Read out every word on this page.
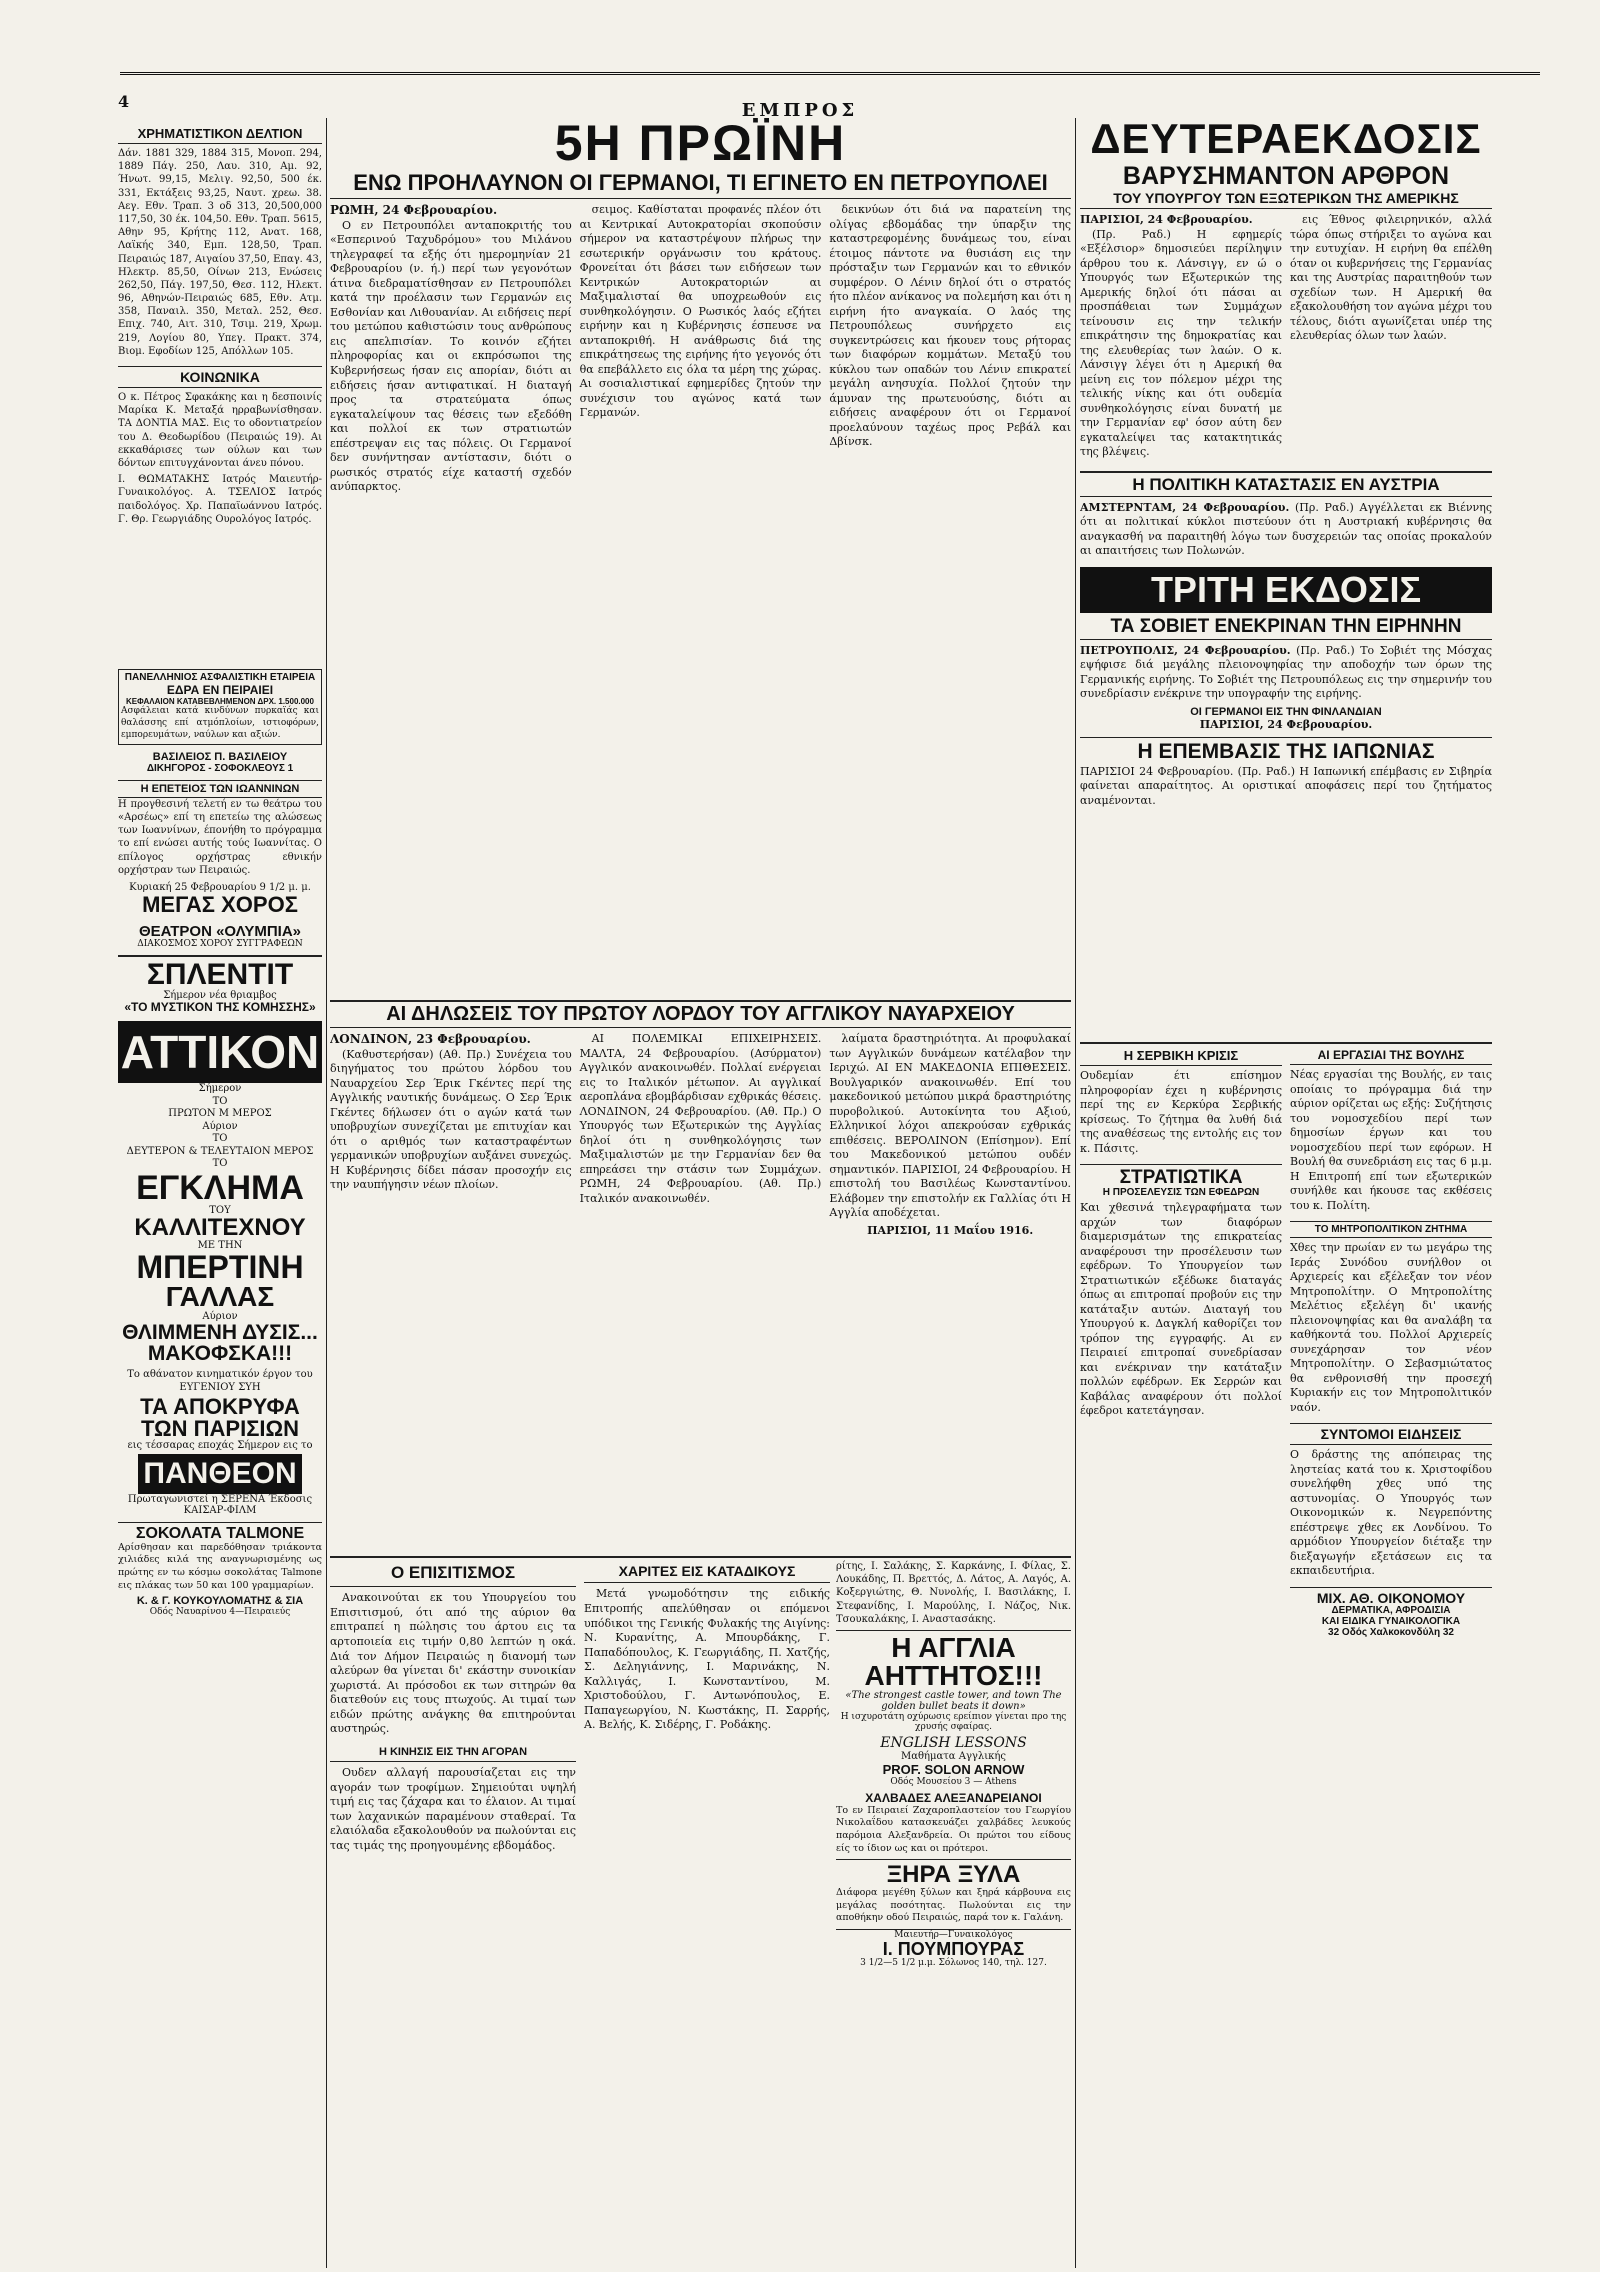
4	ΕΜΠΡΟΣ
ΧΡΗΜΑΤΙΣΤΙΚΟΝ ΔΕΛΤΙΟΝ
Δάν. 1881 329, 1884 315, Μονοπ. 294, 1889 Πάγ. 250, Λαυ. 310, Αμ. 92, Ήνωτ. 99,15, Μελιγ. 92,50, 500 έκ. 331, Εκτάξεις 93,25, Ναυτ. χρεω. 38. Αεγ. Εθν. Τραπ. 3 οδ 313, 20,500,000 117,50, 30 έκ. 104,50. Εθν. Τραπ. 5615, Αθην 95, Κρήτης 112, Ανατ. 168, Λαϊκής 340, Εμπ. 128,50, Τραπ. Πειραιώς 187, Αιγαίου 37,50, Επαγ. 43, Ηλεκτρ. 85,50, Οίνων 213, Ενώσεις 262,50, Πάγ. 197,50, Θεσ. 112, Ηλεκτ. 96, Αθηνών-Πειραιώς 685, Εθν. Ατμ. 358, Παναιλ. 350, Μεταλ. 252, Θεσ. Επιχ. 740, Αιτ. 310, Τσιμ. 219, Χρωμ. 219, Λογίου 80, Υπεγ. Πρακτ. 374, Βιομ. Εφοδίων 125, Απόλλων 105.
ΚΟΙΝΩΝΙΚΑ
Ο κ. Πέτρος Σφακάκης και η δεσποινίς Μαρίκα Κ. Μεταξά ηρραβωνίσθησαν. ΤΑ ΔΟΝΤΙΑ ΜΑΣ. Εις το οδοντιατρείον του Δ. Θεοδωρίδου (Πειραιώς 19). Αι εκκαθάρισες των ούλων και των δόντων επιτυγχάνονται άνευ πόνου.
Ι. ΘΩΜΑΤΑΚΗΣ Ιατρός Μαιευτήρ-Γυναικολόγος. Α. ΤΣΕΛΙΟΣ Ιατρός παιδολόγος. Χρ. Παπαϊωάννου Ιατρός. Γ. Θρ. Γεωργιάδης Ουρολόγος Ιατρός.
ΠΑΝΕΛΛΗΝΙΟΣ ΑΣΦΑΛΙΣΤΙΚΗ ΕΤΑΙΡΕΙΑ
ΕΔΡΑ ΕΝ ΠΕΙΡΑΙΕΙ
ΚΕΦΑΛΑΙΟΝ ΚΑΤΑΒΕΒΛΗΜΕΝΟΝ ΔΡΧ. 1.500.000
Ασφάλειαι κατά κινδύνων πυρκαϊάς και θαλάσσης επί ατμόπλοίων, ιστιοφόρων, εμπορευμάτων, ναύλων και αξιών.
ΒΑΣΙΛΕΙΟΣ Π. ΒΑΣΙΛΕΙΟΥ
ΔΙΚΗΓΟΡΟΣ - ΣΟΦΟΚΛΕΟΥΣ 1
Η ΕΠΕΤΕΙΟΣ ΤΩΝ ΙΩΑΝΝΙΝΩΝ
Η προγθεσινή τελετή εν τω θεάτρω του «Αρσέως» επί τη επετείω της αλώσεως των Ιωαννίνων, έπονήθη το πρόγραμμα το επί ενώσει αυτής τούς Ιωαννίτας. Ο επίλογος ορχήστρας εθνικήν ορχήστραν των Πειραιώς.
Κυριακή 25 Φεβρουαρίου 9 1/2 μ. μ.
ΜΕΓΑΣ ΧΟΡΟΣ
ΘΕΑΤΡΟΝ «ΟΛΥΜΠΙΑ»
ΔΙΑΚΟΣΜΟΣ ΧΟΡΟΥ ΣΥΓΓΡΑΦΕΩΝ
ΣΠΛΕΝΤΙΤ
Σήμερον νέα θριαμβος
«ΤΟ ΜΥΣΤΙΚΟΝ ΤΗΣ ΚΟΜΗΣΣΗΣ»
ΑΤΤΙΚΟΝ
Σήμερον
ΤΟ
ΠΡΩΤΟΝ Μ ΜΕΡΟΣ
Αύριον
ΤΟ
ΔΕΥΤΕΡΟΝ & ΤΕΛΕΥΤΑΙΟΝ ΜΕΡΟΣ
ΤΟ
ΕΓΚΛΗΜΑ
ΤΟΥ
ΚΑΛΛΙΤΕΧΝΟΥ
ΜΕ ΤΗΝ
ΜΠΕΡΤΙΝΗ
ΓΑΛΛΑΣ
Αύριον
ΘΛΙΜΜΕΝΗ ΔΥΣΙΣ...
ΜΑΚΟΦΣΚΑ!!!
Το αθάνατον κινηματικόν έργον του ΕΥΓΕΝΙΟΥ ΣΥΗ
ΤΑ ΑΠΟΚΡΥΦΑ ΤΩΝ ΠΑΡΙΣΙΩΝ
εις τέσσαρας εποχάς Σήμερον εις το
ΠΑΝΘΕΟΝ
Πρωταγωνιστεί η ΣΕΡΕΝΑ Έκδοσις ΚΑΙΣΑΡ-ΦΙΛΜ
ΣΟΚΟΛΑΤΑ TALMONE
Αρίσθησαν και παρεδόθησαν τριάκοντα χιλιάδες κιλά της αναγνωρισμένης ως πρώτης εν τω κόσμω σοκολάτας Talmone εις πλάκας των 50 και 100 γραμμαρίων.
Κ. & Γ. ΚΟΥΚΟΥΛΟΜΑΤΗΣ & ΣΙΑ
Οδός Ναυαρίνου 4—Πειραιεύς
5Η ΠΡΩΪΝΗ
ΕΝΩ ΠΡΟΗΛΑΥΝΟΝ ΟΙ ΓΕΡΜΑΝΟΙ, ΤΙ ΕΓΙΝΕΤΟ ΕΝ ΠΕΤΡΟΥΠΟΛΕΙ
ΡΩΜΗ, 24 Φεβρουαρίου.

Ο εν Πετρουπόλει ανταποκριτής του «Εσπερινού Ταχυδρόμου» του Μιλάνου τηλεγραφεί τα εξής ότι ημερομηνίαν 21 Φεβρουαρίου (ν. ή.) περί των γεγονότων άτινα διεδραματίσθησαν εν Πετρουπόλει κατά την προέλασιν των Γερμανών εις Εσθονίαν και Λιθουανίαν. Αι ειδήσεις περί του μετώπου καθιστώσιν τους ανθρώπους εις απελπισίαν. Το κοινόν εζήτει πληροφορίας και οι εκπρόσωποι της Κυβερνήσεως ήσαν εις απορίαν, διότι αι ειδήσεις ήσαν αντιφατικαί. Η διαταγή προς τα στρατεύματα όπως εγκαταλείψουν τας θέσεις των εξεδόθη και πολλοί εκ των στρατιωτών επέστρεψαν εις τας πόλεις. Οι Γερμανοί δεν συνήντησαν αντίστασιν, διότι ο ρωσικός στρατός είχε καταστή σχεδόν ανύπαρκτος.

σειμος. Καθίσταται προφανές πλέον ότι αι Κεντρικαί Αυτοκρατορίαι σκοπούσιν σήμερον να καταστρέψουν πλήρως την εσωτερικήν οργάνωσιν του κράτους. Φρονείται ότι βάσει των ειδήσεων των Κεντρικών Αυτοκρατοριών αι Μαξιμαλισταί θα υποχρεωθούν εις συνθηκολόγησιν. Ο Ρωσικός λαός εζήτει ειρήνην και η Κυβέρνησις έσπευσε να ανταποκριθή. Η ανάθρωσις διά της επικράτησεως της ειρήνης ήτο γεγονός ότι θα επεβάλλετο εις όλα τα μέρη της χώρας. Αι σοσιαλιστικαί εφημερίδες ζητούν την συνέχισιν του αγώνος κατά των Γερμανών.

δεικνύων ότι διά να παρατείνη της ολίγας εβδομάδας την ύπαρξιν της καταστρεφομένης δυνάμεως του, είναι έτοιμος πάντοτε να θυσιάση εις την πρόσταξιν των Γερμανών και το εθνικόν συμφέρον. Ο Λένιν δηλοί ότι ο στρατός ήτο πλέον ανίκανος να πολεμήση και ότι η ειρήνη ήτο αναγκαία. Ο λαός της Πετρουπόλεως συνήρχετο εις συγκεντρώσεις και ήκουεν τους ρήτορας των διαφόρων κομμάτων. Μεταξύ του κύκλου των οπαδών του Λένιν επικρατεί μεγάλη ανησυχία. Πολλοί ζητούν την άμυναν της πρωτευούσης, διότι αι ειδήσεις αναφέρουν ότι οι Γερμανοί προελαύνουν ταχέως προς Ρεβάλ και Δβίνσκ.

ΑΙ ΔΗΛΩΣΕΙΣ ΤΟΥ ΠΡΩΤΟΥ ΛΟΡΔΟΥ ΤΟΥ ΑΓΓΛΙΚΟΥ ΝΑΥΑΡΧΕΙΟΥ
ΛΟΝΔΙΝΟΝ, 23 Φεβρουαρίου.

(Καθυστερήσαν) (Αθ. Πρ.) Συνέχεια του διηγήματος του πρώτου λόρδου του Ναυαρχείου Σερ Έρικ Γκέντες περί της Αγγλικής ναυτικής δυνάμεως. Ο Σερ Έρικ Γκέντες δήλωσεν ότι ο αγών κατά των υποβρυχίων συνεχίζεται με επιτυχίαν και ότι ο αριθμός των καταστραφέντων γερμανικών υποβρυχίων αυξάνει συνεχώς. Η Κυβέρνησις δίδει πάσαν προσοχήν εις την ναυπήγησιν νέων πλοίων.

ΑΙ ΠΟΛΕΜΙΚΑΙ ΕΠΙΧΕΙΡΗΣΕΙΣ. ΜΑΛΤΑ, 24 Φεβρουαρίου. (Ασύρματον) Αγγλικόν ανακοινωθέν. Πολλαί ενέργειαι εις το Ιταλικόν μέτωπον. Αι αγγλικαί αεροπλάνα εβομβάρδισαν εχθρικάς θέσεις. ΛΟΝΔΙΝΟΝ, 24 Φεβρουαρίου. (Αθ. Πρ.) Ο Υπουργός των Εξωτερικών της Αγγλίας δηλοί ότι η συνθηκολόγησις των Μαξιμαλιστών με την Γερμανίαν δεν θα επηρεάσει την στάσιν των Συμμάχων. ΡΩΜΗ, 24 Φεβρουαρίου. (Αθ. Πρ.) Ιταλικόν ανακοινωθέν.

λαίματα δραστηριότητα. Αι προφυλακαί των Αγγλικών δυνάμεων κατέλαβον την Ιεριχώ. ΑΙ ΕΝ ΜΑΚΕΔΟΝΙΑ ΕΠΙΘΕΣΕΙΣ. Βουλγαρικόν ανακοινωθέν. Επί του μακεδονικού μετώπου μικρά δραστηριότης πυροβολικού. Αυτοκίνητα του Αξιού, Ελληνικοί λόχοι απεκρούσαν εχθρικάς επιθέσεις. ΒΕΡΟΛΙΝΟΝ (Επίσημον). Επί του Μακεδονικού μετώπου ουδέν σημαντικόν. ΠΑΡΙΣΙΟΙ, 24 Φεβρουαρίου. Η επιστολή του Βασιλέως Κωνσταντίνου. Ελάβομεν την επιστολήν εκ Γαλλίας ότι Η Αγγλία αποδέχεται.

ΠΑΡΙΣΙΟΙ, 11 Μαΐου 1916.
Ο ΕΠΙΣΙΤΙΣΜΟΣ

Ανακοινούται εκ του Υπουργείου του Επισιτισμού, ότι από της αύριον θα επιτραπεί η πώλησις του άρτου εις τα αρτοποιεία εις τιμήν 0,80 λεπτών η οκά. Διά τον Δήμον Πειραιώς η διανομή των αλεύρων θα γίνεται δι' εκάστην συνοικίαν χωριστά. Αι πρόσοδοι εκ των σιτηρών θα διατεθούν εις τους πτωχούς. Αι τιμαί των ειδών πρώτης ανάγκης θα επιτηρούνται αυστηρώς.

Η ΚΙΝΗΣΙΣ ΕΙΣ ΤΗΝ ΑΓΟΡΑΝ

Ουδεν αλλαγή παρουσίαζεται εις την αγοράν των τροφίμων. Σημειούται υψηλή τιμή εις τας ζάχαρα και το έλαιον. Αι τιμαί των λαχανικών παραμένουν σταθεραί. Τα ελαιόλαδα εξακολουθούν να πωλούνται εις τας τιμάς της προηγουμένης εβδομάδος.

ΧΑΡΙΤΕΣ ΕΙΣ ΚΑΤΑΔΙΚΟΥΣ

Μετά γνωμοδότησιν της ειδικής Επιτροπής απελύθησαν οι επόμενοι υπόδικοι της Γενικής Φυλακής της Αιγίνης: Ν. Κυρανίτης, Α. Μπουρδάκης, Γ. Παπαδόπουλος, Κ. Γεωργιάδης, Π. Χατζής, Σ. Δεληγιάννης, Ι. Μαρινάκης, Ν. Καλλιγάς, Ι. Κωνσταντίνου, Μ. Χριστοδούλου, Γ. Αντωνόπουλος, Ε. Παπαγεωργίου, Ν. Κωστάκης, Π. Σαρρής, Α. Βελής, Κ. Σιδέρης, Γ. Ροδάκης.

ρίτης, Ι. Σαλάκης, Σ. Καρκάνης, Ι. Φίλας, Σ. Λουκάδης, Π. Βρεττός, Δ. Λάτος, Α. Λαγός, Α. Κοξεργιώτης, Θ. Νυνολής, Ι. Βασιλάκης, Ι. Στεφανίδης, Ι. Μαρούλης, Ι. Νάζος, Νικ. Τσουκαλάκης, Ι. Αναστασάκης.
Η ΑΓΓΛΙΑ ΑΗΤΤΗΤΟΣ!!!
«The strongest castle tower, and town The golden bullet beats it down»
Η ισχυροτάτη οχύρωσις ερείπιον γίνεται προ της χρυσής σφαίρας.
ENGLISH LESSONS
Μαθήματα Αγγλικής
PROF. SOLON ARNOW
Οδός Μουσείου 3 — Athens
ΧΑΛΒΑΔΕΣ ΑΛΕΞΑΝΔΡΕΙΑΝΟΙ
Το εν Πειραιεί Ζαχαροπλαστείον του Γεωργίου Νικολαΐδου κατασκευάζει χαλβάδες λευκούς παρόμοια Αλεξανδρεία. Οι πρώτοι του είδους είς το ίδιον ως και οι πρότεροι.
ΞΗΡΑ ΞΥΛΑ
Διάφορα μεγέθη ξύλων και ξηρά κάρβουνα εις μεγάλας ποσότητας. Πωλούνται εις την αποθήκην οδού Πειραιώς, παρά τον κ. Γαλάνη.
Μαιευτήρ—Γυναικολόγος
Ι. ΠΟΥΜΠΟΥΡΑΣ
3 1/2—5 1/2 μ.μ. Σόλωνος 140, τηλ. 127.
ΔΕΥΤΕΡΑΕΚΔΟΣΙΣ
ΒΑΡΥΣΗΜΑΝΤΟΝ ΑΡΘΡΟΝ
ΤΟΥ ΥΠΟΥΡΓΟΥ ΤΩΝ ΕΞΩΤΕΡΙΚΩΝ ΤΗΣ ΑΜΕΡΙΚΗΣ
ΠΑΡΙΣΙΟΙ, 24 Φεβρουαρίου.

(Πρ. Ραδ.) Η εφημερίς «Εξέλσιορ» δημοσιεύει περίληψιν άρθρου του κ. Λάνσιγγ, εν ώ ο Υπουργός των Εξωτερικών της Αμερικής δηλοί ότι πάσαι αι προσπάθειαι των Συμμάχων τείνουσιν εις την τελικήν επικράτησιν της δημοκρατίας και της ελευθερίας των λαών. Ο κ. Λάνσιγγ λέγει ότι η Αμερική θα μείνη εις τον πόλεμον μέχρι της τελικής νίκης και ότι ουδεμία συνθηκολόγησις είναι δυνατή με την Γερμανίαν εφ' όσον αύτη δεν εγκαταλείψει τας κατακτητικάς της βλέψεις.

εις Έθνος φιλειρηνικόν, αλλά τώρα όπως στήριξει το αγώνα και την ευτυχίαν. Η ειρήνη θα επέλθη όταν οι κυβερνήσεις της Γερμανίας και της Αυστρίας παραιτηθούν των σχεδίων των. Η Αμερική θα εξακολουθήση τον αγώνα μέχρι του τέλους, διότι αγωνίζεται υπέρ της ελευθερίας όλων των λαών.

Η ΠΟΛΙΤΙΚΗ ΚΑΤΑΣΤΑΣΙΣ ΕΝ ΑΥΣΤΡΙΑ
ΑΜΣΤΕΡΝΤΑΜ, 24 Φεβρουαρίου. (Πρ. Ραδ.) Αγγέλλεται εκ Βιέννης ότι αι πολιτικαί κύκλοι πιστεύουν ότι η Αυστριακή κυβέρνησις θα αναγκασθή να παραιτηθή λόγω των δυσχερειών τας οποίας προκαλούν αι απαιτήσεις των Πολωνών.
ΤΡΙΤΗ ΕΚΔΟΣΙΣ
ΤΑ ΣΟΒΙΕΤ ΕΝΕΚΡΙΝΑΝ ΤΗΝ ΕΙΡΗΝΗΝ
ΠΕΤΡΟΥΠΟΛΙΣ, 24 Φεβρουαρίου. (Πρ. Ραδ.) Το Σοβιέτ της Μόσχας εψήφισε διά μεγάλης πλειονοψηφίας την αποδοχήν των όρων της Γερμανικής ειρήνης. Το Σοβιέτ της Πετρουπόλεως εις την σημερινήν του συνεδρίασιν ενέκρινε την υπογραφήν της ειρήνης.
ΟΙ ΓΕΡΜΑΝΟΙ ΕΙΣ ΤΗΝ ΦΙΝΛΑΝΔΙΑΝ
ΠΑΡΙΣΙΟΙ, 24 Φεβρουαρίου.
Η ΕΠΕΜΒΑΣΙΣ ΤΗΣ ΙΑΠΩΝΙΑΣ
ΠΑΡΙΣΙΟΙ 24 Φεβρουαρίου. (Πρ. Ραδ.) Η Ιαπωνική επέμβασις εν Σιβηρία φαίνεται απαραίτητος. Αι οριστικαί αποφάσεις περί του ζητήματος αναμένονται.
Η ΣΕΡΒΙΚΗ ΚΡΙΣΙΣ
Ουδεμίαν έτι επίσημον πληροφορίαν έχει η κυβέρνησις περί της εν Κερκύρα Σερβικής κρίσεως. Το ζήτημα θα λυθή διά της αναθέσεως της εντολής εις τον κ. Πάσιτς.
ΣΤΡΑΤΙΩΤΙΚΑ
Η ΠΡΟΣΕΛΕΥΣΙΣ ΤΩΝ ΕΦΕΔΡΩΝ
Και χθεσινά τηλεγραφήματα των αρχών των διαφόρων διαμερισμάτων της επικρατείας αναφέρουσι την προσέλευσιν των εφέδρων. Το Υπουργείον των Στρατιωτικών εξέδωκε διαταγάς όπως αι επιτροπαί προβούν εις την κατάταξιν αυτών. Διαταγή του Υπουργού κ. Δαγκλή καθορίζει τον τρόπον της εγγραφής. Αι εν Πειραιεί επιτροπαί συνεδρίασαν και ενέκριναν την κατάταξιν πολλών εφέδρων. Εκ Σερρών και Καβάλας αναφέρουν ότι πολλοί έφεδροι κατετάγησαν.
ΑΙ ΕΡΓΑΣΙΑΙ ΤΗΣ ΒΟΥΛΗΣ
Νέας εργασίαι της Βουλής, εν ταις οποίαις το πρόγραμμα διά την αύριον ορίζεται ως εξής: Συζήτησις του νομοσχεδίου περί των δημοσίων έργων και του νομοσχεδίου περί των εφόρων. Η Βουλή θα συνεδριάση εις τας 6 μ.μ. Η Επιτροπή επί των εξωτερικών συνήλθε και ήκουσε τας εκθέσεις του κ. Πολίτη.
ΤΟ ΜΗΤΡΟΠΟΛΙΤΙΚΟΝ ΖΗΤΗΜΑ
Χθες την πρωίαν εν τω μεγάρω της Ιεράς Συνόδου συνήλθον οι Αρχιερείς και εξέλεξαν τον νέον Μητροπολίτην. Ο Μητροπολίτης Μελέτιος εξελέγη δι' ικανής πλειονοψηφίας και θα αναλάβη τα καθήκοντά του. Πολλοί Αρχιερείς συνεχάρησαν τον νέον Μητροπολίτην. Ο Σεβασμιώτατος θα ενθρονισθή την προσεχή Κυριακήν εις τον Μητροπολιτικόν ναόν.
ΣΥΝΤΟΜΟΙ ΕΙΔΗΣΕΙΣ
Ο δράστης της απόπειρας της ληστείας κατά του κ. Χριστοφίδου συνελήφθη χθες υπό της αστυνομίας. Ο Υπουργός των Οικονομικών κ. Νεγρεπόντης επέστρεψε χθες εκ Λονδίνου. Το αρμόδιον Υπουργείον διέταξε την διεξαγωγήν εξετάσεων εις τα εκπαιδευτήρια.
ΜΙΧ. ΑΘ. ΟΙΚΟΝΟΜΟΥ
ΔΕΡΜΑΤΙΚΑ, ΑΦΡΟΔΙΣΙΑ
ΚΑΙ ΕΙΔΙΚΑ ΓΥΝΑΙΚΟΛΟΓΙΚΑ
32 Οδός Χαλκοκονδύλη 32
